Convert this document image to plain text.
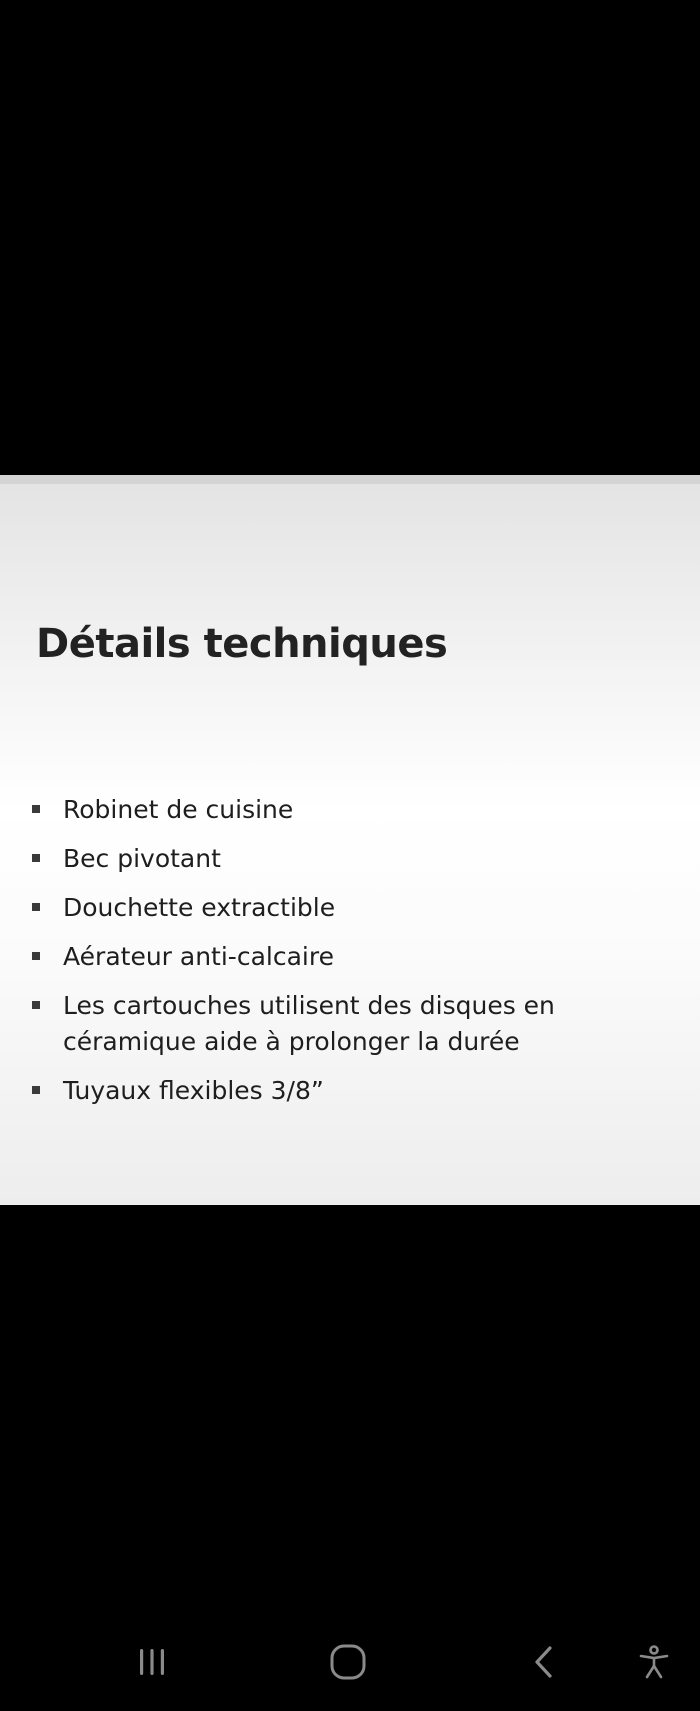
Détails techniques
Robinet de cuisine
Bec pivotant
Douchette extractible
Aérateur anti-calcaire
Les cartouches utilisent des disques en céramique aide à prolonger la durée
Tuyaux flexibles 3/8”
